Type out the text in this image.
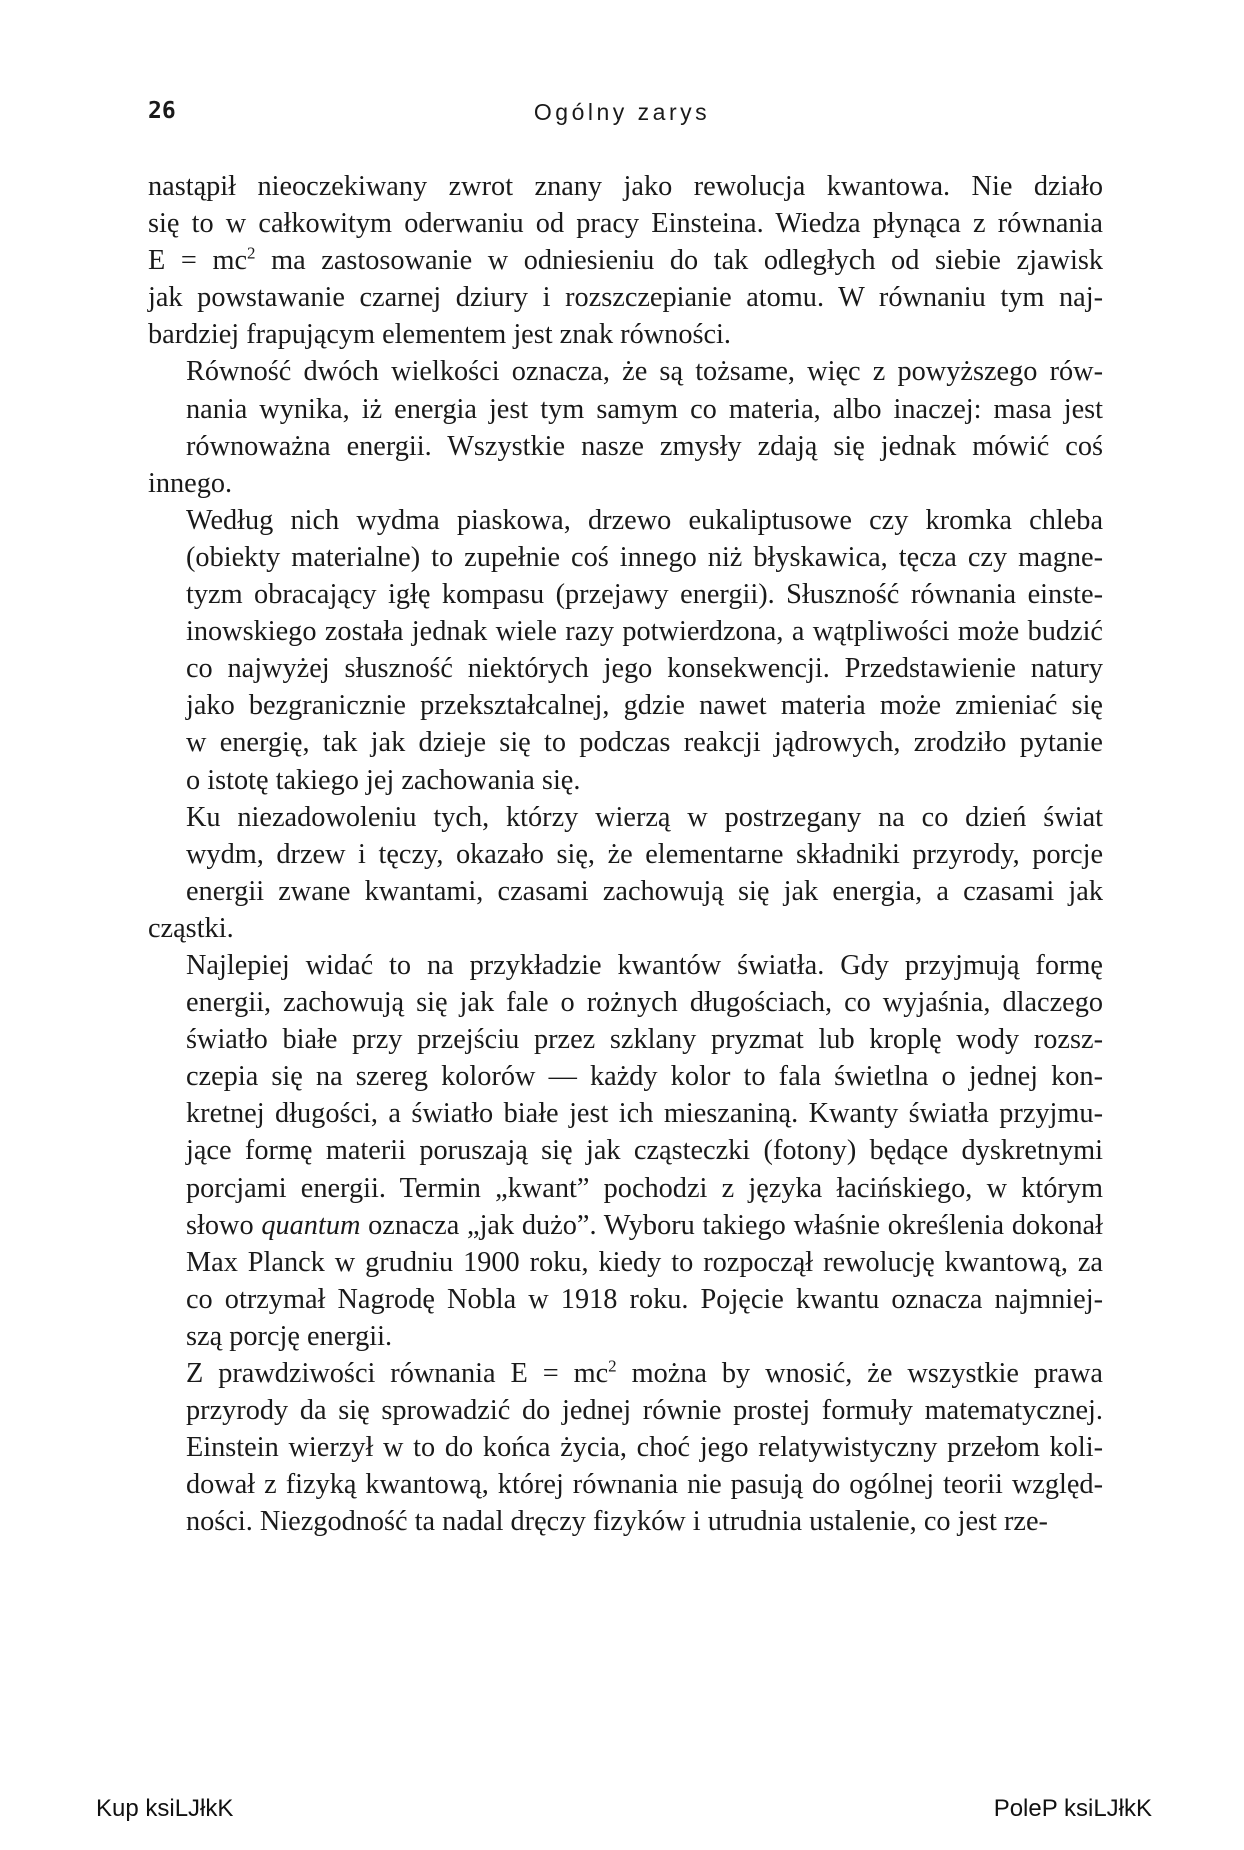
26	Ogólny zarys

nastąpił nieoczekiwany zwrot znany jako rewolucja kwantowa. Nie działo
się to w całkowitym oderwaniu od pracy Einsteina. Wiedza płynąca z równania
$E = mc^2$ ma zastosowanie w odniesieniu do tak odległych od siebie zjawisk
jak powstawanie czarnej dziury i rozszczepianie atomu. W równaniu tym naj-
bardziej frapującym elementem jest znak równości.

Równość dwóch wielkości oznacza, że są tożsame, więc z powyższego rów-
nania wynika, iż energia jest tym samym co materia, albo inaczej: masa jest
równoważna energii. Wszystkie nasze zmysły zdają się jednak mówić coś innego.
Według nich wydma piaskowa, drzewo eukaliptusowe czy kromka chleba
(obiekty materialne) to zupełnie coś innego niż błyskawica, tęcza czy magne-
tyzm obracający igłę kompasu (przejawy energii). Słuszność równania einste-
inowskiego została jednak wiele razy potwierdzona, a wątpliwości może budzić
co najwyżej słuszność niektórych jego konsekwencji. Przedstawienie natury
jako bezgranicznie przekształcalnej, gdzie nawet materia może zmieniać się
w energię, tak jak dzieje się to podczas reakcji jądrowych, zrodziło pytanie
o istotę takiego jej zachowania się.

Ku niezadowoleniu tych, którzy wierzą w postrzegany na co dzień świat
wydm, drzew i tęczy, okazało się, że elementarne składniki przyrody, porcje
energii zwane kwantami, czasami zachowują się jak energia, a czasami jak cząstki.
Najlepiej widać to na przykładzie kwantów światła. Gdy przyjmują formę
energii, zachowują się jak fale o rożnych długościach, co wyjaśnia, dlaczego
światło białe przy przejściu przez szklany pryzmat lub kroplę wody rozsz-
czepia się na szereg kolorów — każdy kolor to fala świetlna o jednej kon-
kretnej długości, a światło białe jest ich mieszaniną. Kwanty światła przyjmu-
jące formę materii poruszają się jak cząsteczki (fotony) będące dyskretnymi
porcjami energii. Termin „kwant” pochodzi z języka łacińskiego, w którym
słowo quantum oznacza „jak dużo”. Wyboru takiego właśnie określenia dokonał
Max Planck w grudniu 1900 roku, kiedy to rozpoczął rewolucję kwantową, za
co otrzymał Nagrodę Nobla w 1918 roku. Pojęcie kwantu oznacza najmniej-
szą porcję energii.

Z prawdziwości równania $E = mc^2$ można by wnosić, że wszystkie prawa
przyrody da się sprowadzić do jednej równie prostej formuły matematycznej.
Einstein wierzył w to do końca życia, choć jego relatywistyczny przełom koli-
dował z fizyką kwantową, której równania nie pasują do ogólnej teorii względ-
ności. Niezgodność ta nadal dręczy fizyków i utrudnia ustalenie, co jest rze-

Kup ksiLJłkK	PoleP ksiLJłkK
